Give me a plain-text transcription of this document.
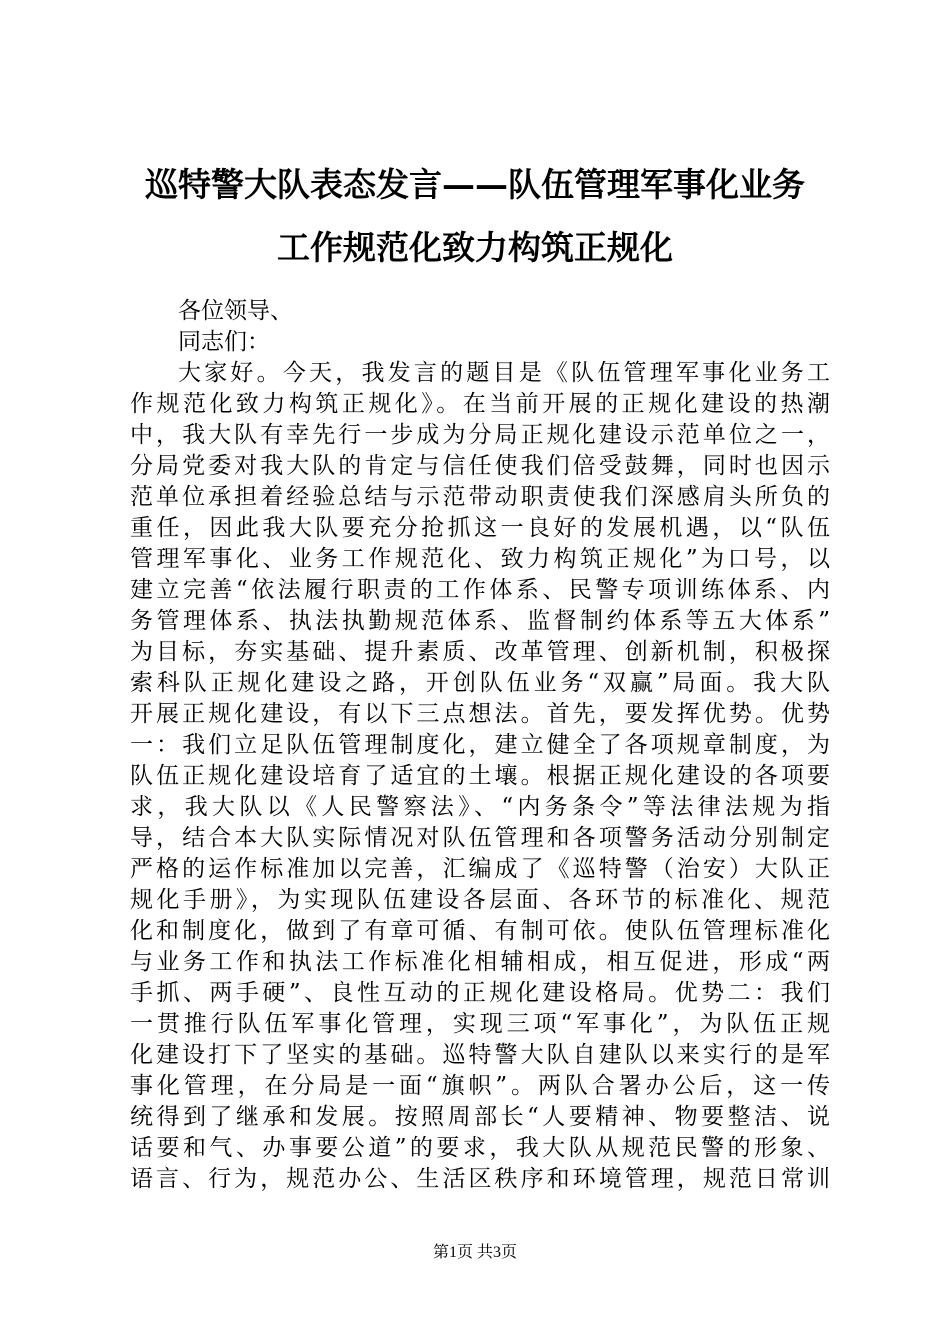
巡特警大队表态发言——队伍管理军事化业务
工作规范化致力构筑正规化
各位领导、
同志们：
大家好。今天，我发言的题目是《队伍管理军事化业务工
作规范化致力构筑正规化》。在当前开展的正规化建设的热潮
中，我大队有幸先行一步成为分局正规化建设示范单位之一，
分局党委对我大队的肯定与信任使我们倍受鼓舞，同时也因示
范单位承担着经验总结与示范带动职责使我们深感肩头所负的
重任，因此我大队要充分抢抓这一良好的发展机遇，以“队伍
管理军事化、业务工作规范化、致力构筑正规化”为口号，以
建立完善“依法履行职责的工作体系、民警专项训练体系、内
务管理体系、执法执勤规范体系、监督制约体系等五大体系”
为目标，夯实基础、提升素质、改革管理、创新机制，积极探
索科队正规化建设之路，开创队伍业务“双赢”局面。我大队
开展正规化建设，有以下三点想法。首先，要发挥优势。优势
一：我们立足队伍管理制度化，建立健全了各项规章制度，为
队伍正规化建设培育了适宜的土壤。根据正规化建设的各项要
求，我大队以《人民警察法》、“内务条令”等法律法规为指
导，结合本大队实际情况对队伍管理和各项警务活动分别制定
严格的运作标准加以完善，汇编成了《巡特警（治安）大队正
规化手册》，为实现队伍建设各层面、各环节的标准化、规范
化和制度化，做到了有章可循、有制可依。使队伍管理标准化
与业务工作和执法工作标准化相辅相成，相互促进，形成“两
手抓、两手硬”、良性互动的正规化建设格局。优势二：我们
一贯推行队伍军事化管理，实现三项“军事化”，为队伍正规
化建设打下了坚实的基础。巡特警大队自建队以来实行的是军
事化管理，在分局是一面“旗帜”。两队合署办公后，这一传
统得到了继承和发展。按照周部长“人要精神、物要整洁、说
话要和气、办事要公道”的要求，我大队从规范民警的形象、
语言、行为，规范办公、生活区秩序和环境管理，规范日常训
第1页 共3页
